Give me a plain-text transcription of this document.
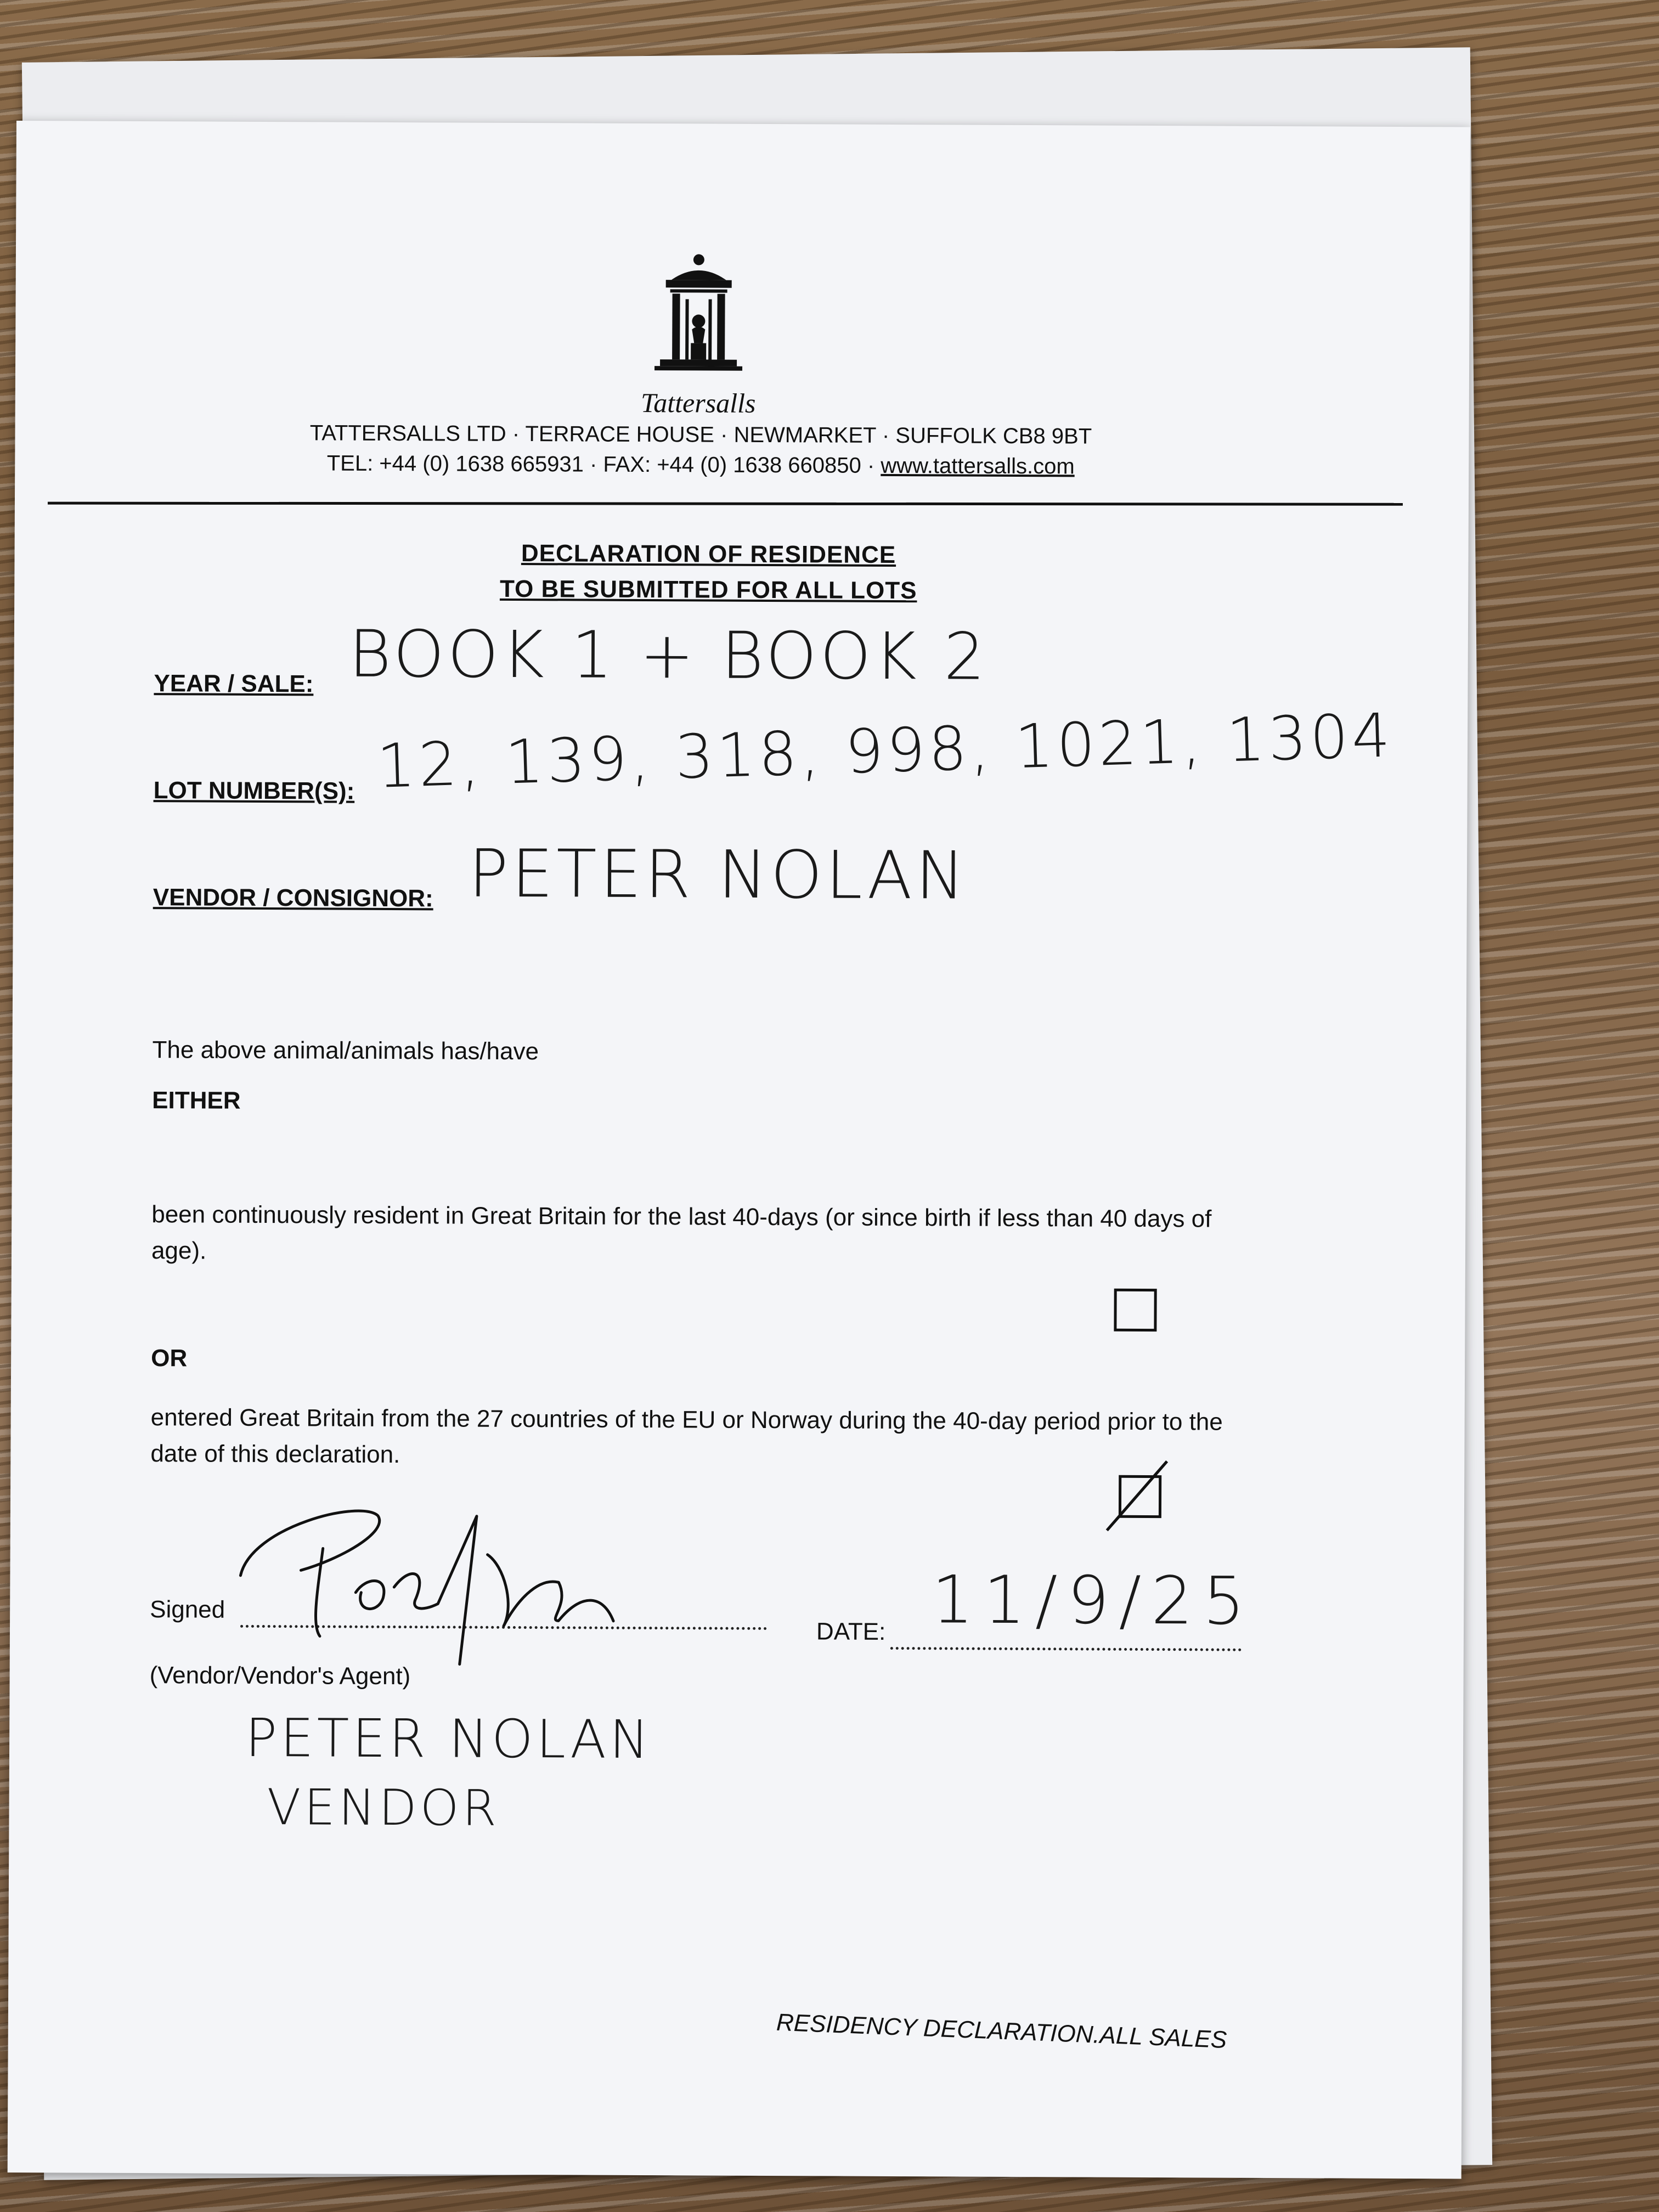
Tattersalls
TATTERSALLS LTD · TERRACE HOUSE · NEWMARKET · SUFFOLK CB8 9BT
TEL: +44 (0) 1638 665931 · FAX: +44 (0) 1638 660850 · www.tattersalls.com
DECLARATION OF RESIDENCE
TO BE SUBMITTED FOR ALL LOTS
YEAR / SALE: BOOK 1 + BOOK 2
LOT NUMBER(S): 12, 139, 318, 998, 1021, 1304
VENDOR / CONSIGNOR: PETER NOLAN
The above animal/animals has/have
EITHER
been continuously resident in Great Britain for the last 40-days (or since birth if less than 40 days of age).
OR
entered Great Britain from the 27 countries of the EU or Norway during the 40-day period prior to the date of this declaration.
Signed
DATE: 11/9/25
(Vendor/Vendor's Agent)
PETER NOLAN
VENDOR
RESIDENCY DECLARATION.ALL SALES
